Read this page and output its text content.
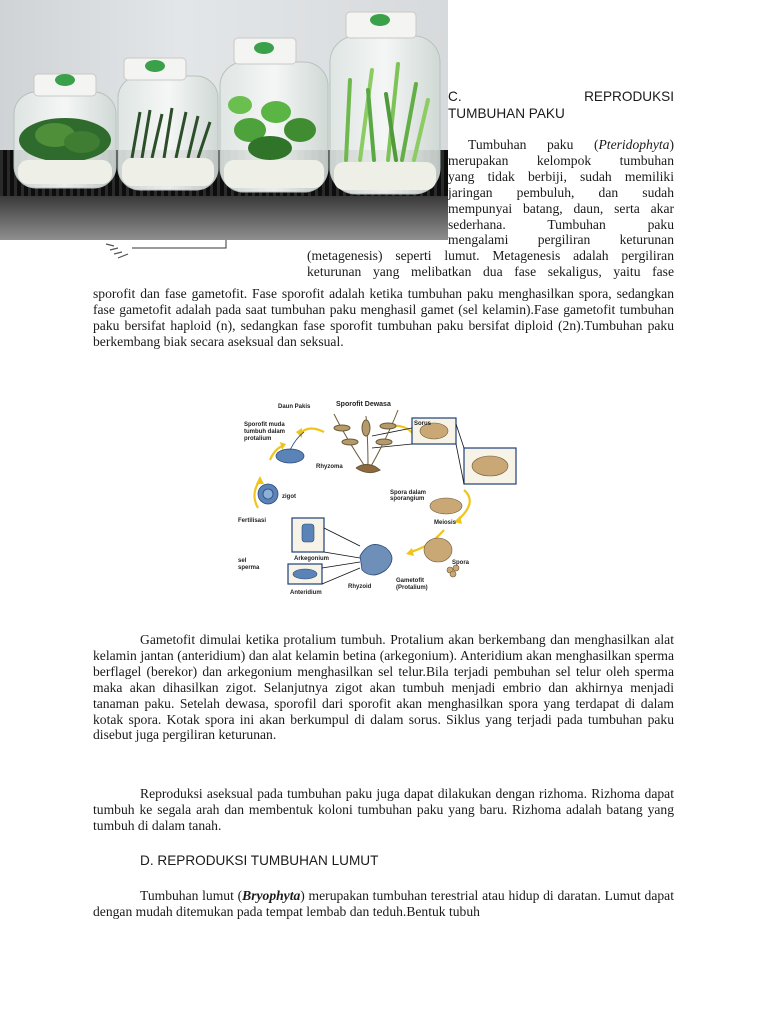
C.	REPRODUKSI
TUMBUHAN PAKU
Tumbuhan paku (Pteridophyta)
merupakan kelompok tumbuhan
yang tidak berbiji, sudah memiliki
jaringan pembuluh, dan sudah
mempunyai batang, daun, serta akar
sederhana. Tumbuhan paku
mengalami pergiliran keturunan
(metagenesis) seperti lumut. Metagenesis adalah pergiliran
keturunan yang melibatkan dua fase sekaligus, yaitu fase
sporofit dan fase gametofit. Fase sporofit adalah ketika tumbuhan paku menghasilkan spora, sedangkan fase gametofit adalah pada saat tumbuhan paku menghasil gamet (sel kelamin).Fase gametofit tumbuhan paku bersifat haploid (n), sedangkan fase sporofit tumbuhan paku bersifat diploid (2n).Tumbuhan paku berkembang biak secara aseksual dan seksual.
Daun Pakis	Sporofit Dewasa
Sporofit muda
tumbuh dalam
protalium
Rhyzoma
Sorus
Spora dalam
sporangium
Meiosis
Spora
Gametofit
(Protalium)
Rhyzoid
zigot
Fertilisasi
Arkegonium
sel
sperma
Anteridium
Gametofit dimulai ketika protalium tumbuh. Protalium akan berkembang dan menghasilkan alat kelamin jantan (anteridium) dan alat kelamin betina (arkegonium). Anteridium akan menghasilkan sperma berflagel (berekor) dan arkegonium menghasilkan sel telur.Bila terjadi pembuhan sel telur oleh sperma maka akan dihasilkan zigot. Selanjutnya zigot akan tumbuh menjadi embrio dan akhirnya menjadi tanaman paku. Setelah dewasa, sporofil dari sporofit akan menghasilkan spora yang terdapat di dalam kotak spora. Kotak spora ini akan berkumpul di dalam sorus. Siklus yang terjadi pada tumbuhan paku disebut juga pergiliran keturunan.
Reproduksi aseksual pada tumbuhan paku juga dapat dilakukan dengan rizhoma. Rizhoma dapat tumbuh ke segala arah dan membentuk koloni tumbuhan paku yang baru. Rizhoma adalah batang yang tumbuh di dalam tanah.
D. REPRODUKSI TUMBUHAN LUMUT
Tumbuhan lumut (Bryophyta) merupakan tumbuhan terestrial atau hidup di daratan. Lumut dapat dengan mudah ditemukan pada tempat lembab dan teduh.Bentuk tubuh
